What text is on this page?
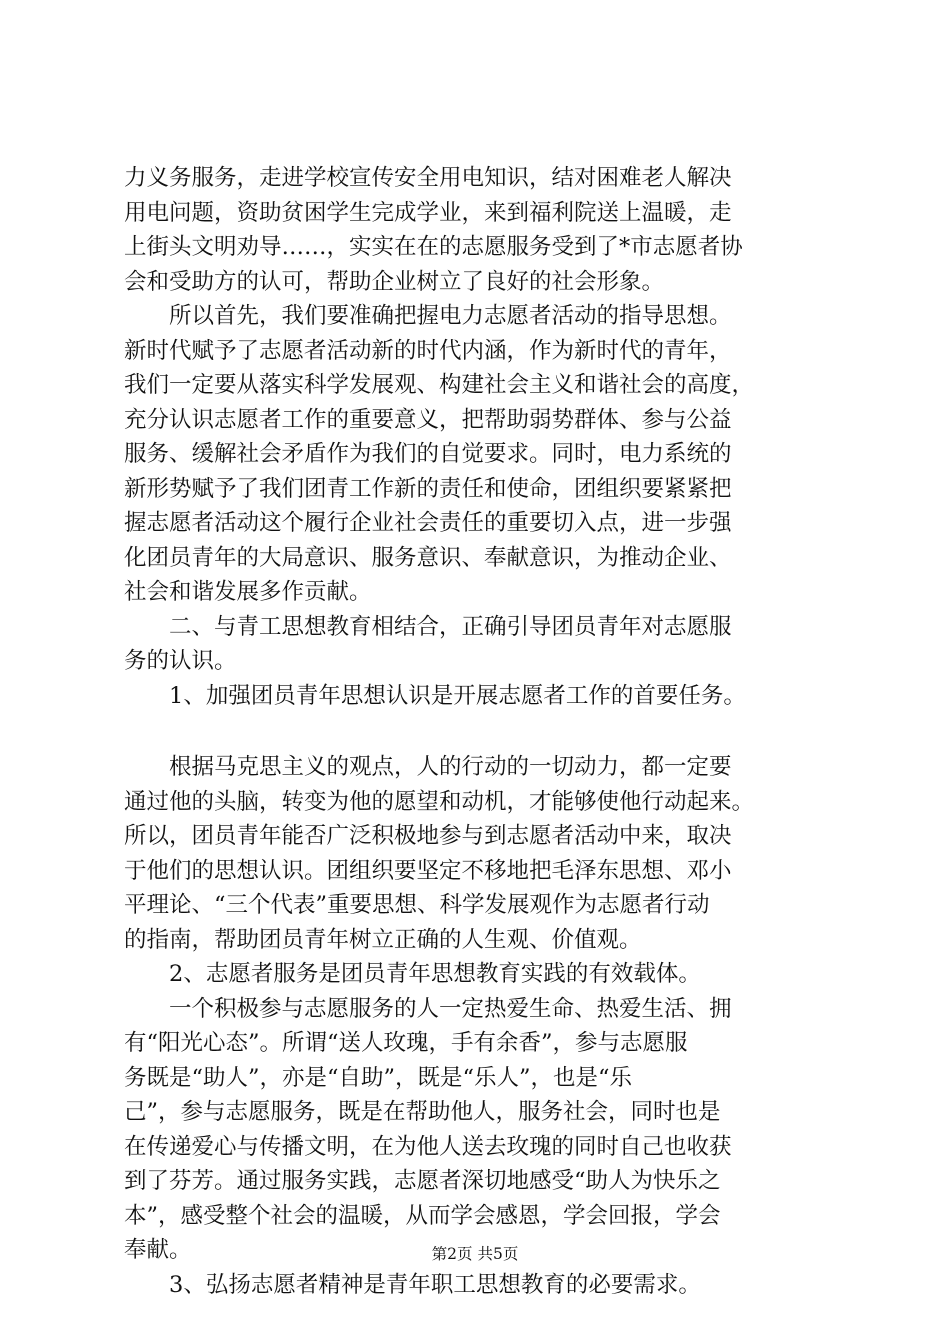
力义务服务，走进学校宣传安全用电知识，结对困难老人解决
用电问题，资助贫困学生完成学业，来到福利院送上温暖，走
上街头文明劝导……，实实在在的志愿服务受到了*市志愿者协
会和受助方的认可，帮助企业树立了良好的社会形象。
　　所以首先，我们要准确把握电力志愿者活动的指导思想。
新时代赋予了志愿者活动新的时代内涵，作为新时代的青年，
我们一定要从落实科学发展观、构建社会主义和谐社会的高度，
充分认识志愿者工作的重要意义，把帮助弱势群体、参与公益
服务、缓解社会矛盾作为我们的自觉要求。同时，电力系统的
新形势赋予了我们团青工作新的责任和使命，团组织要紧紧把
握志愿者活动这个履行企业社会责任的重要切入点，进一步强
化团员青年的大局意识、服务意识、奉献意识，为推动企业、
社会和谐发展多作贡献。
　　二、与青工思想教育相结合，正确引导团员青年对志愿服
务的认识。
　　1、加强团员青年思想认识是开展志愿者工作的首要任务。
　　根据马克思主义的观点，人的行动的一切动力，都一定要
通过他的头脑，转变为他的愿望和动机，才能够使他行动起来。
所以，团员青年能否广泛积极地参与到志愿者活动中来，取决
于他们的思想认识。团组织要坚定不移地把毛泽东思想、邓小
平理论、“三个代表”重要思想、科学发展观作为志愿者行动
的指南，帮助团员青年树立正确的人生观、价值观。
　　2、志愿者服务是团员青年思想教育实践的有效载体。
　　一个积极参与志愿服务的人一定热爱生命、热爱生活、拥
有“阳光心态”。所谓“送人玫瑰，手有余香”，参与志愿服
务既是“助人”，亦是“自助”，既是“乐人”，也是“乐
己”，参与志愿服务，既是在帮助他人，服务社会，同时也是
在传递爱心与传播文明，在为他人送去玫瑰的同时自己也收获
到了芬芳。通过服务实践，志愿者深切地感受“助人为快乐之
本”，感受整个社会的温暖，从而学会感恩，学会回报，学会
奉献。
　　3、弘扬志愿者精神是青年职工思想教育的必要需求。
第2页 共5页
